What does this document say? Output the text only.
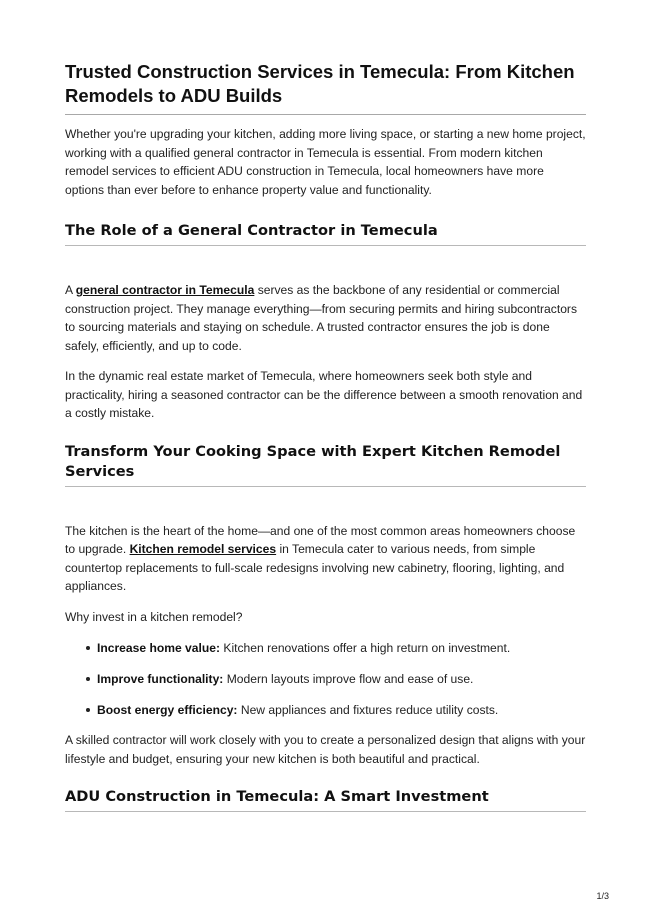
Trusted Construction Services in Temecula: From Kitchen Remodels to ADU Builds

Whether you're upgrading your kitchen, adding more living space, or starting a new home project, working with a qualified general contractor in Temecula is essential. From modern kitchen remodel services to efficient ADU construction in Temecula, local homeowners have more options than ever before to enhance property value and functionality.

The Role of a General Contractor in Temecula

A general contractor in Temecula serves as the backbone of any residential or commercial construction project. They manage everything—from securing permits and hiring subcontractors to sourcing materials and staying on schedule. A trusted contractor ensures the job is done safely, efficiently, and up to code.

In the dynamic real estate market of Temecula, where homeowners seek both style and practicality, hiring a seasoned contractor can be the difference between a smooth renovation and a costly mistake.

Transform Your Cooking Space with Expert Kitchen Remodel Services

The kitchen is the heart of the home—and one of the most common areas homeowners choose to upgrade. Kitchen remodel services in Temecula cater to various needs, from simple countertop replacements to full-scale redesigns involving new cabinetry, flooring, lighting, and appliances.

Why invest in a kitchen remodel?

Increase home value: Kitchen renovations offer a high return on investment.
Improve functionality: Modern layouts improve flow and ease of use.
Boost energy efficiency: New appliances and fixtures reduce utility costs.

A skilled contractor will work closely with you to create a personalized design that aligns with your lifestyle and budget, ensuring your new kitchen is both beautiful and practical.

ADU Construction in Temecula: A Smart Investment
1/3
